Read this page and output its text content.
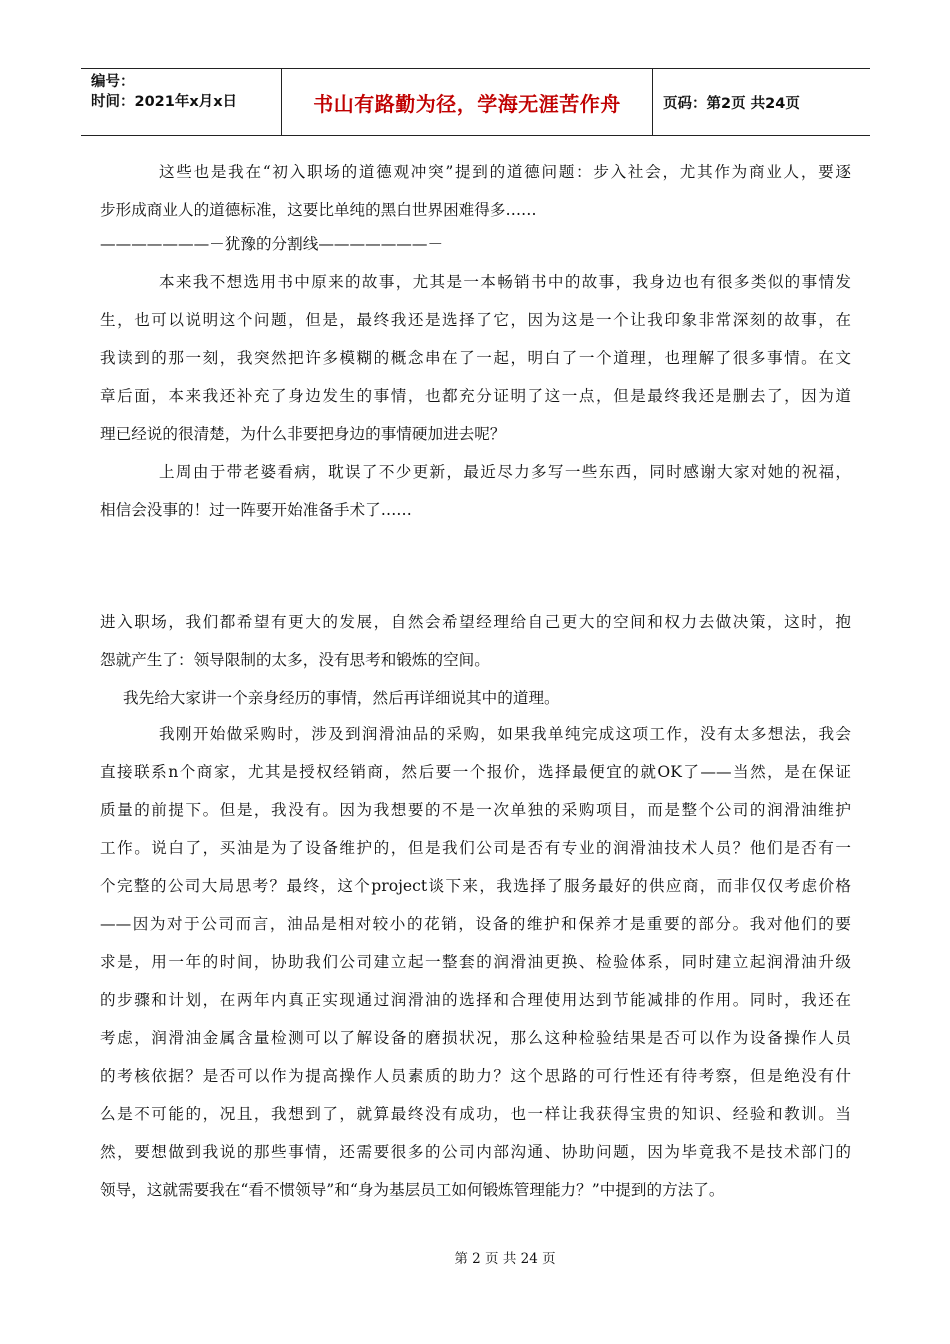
编号：
时间：2021年x月x日	书山有路勤为径，学海无涯苦作舟	页码：第2页 共24页
这些也是我在“初入职场的道德观冲突”提到的道德问题：步入社会，尤其作为商业人，要逐
步形成商业人的道德标准，这要比单纯的黑白世界困难得多……
———————－犹豫的分割线———————－
本来我不想选用书中原来的故事，尤其是一本畅销书中的故事，我身边也有很多类似的事情发
生，也可以说明这个问题，但是，最终我还是选择了它，因为这是一个让我印象非常深刻的故事，在
我读到的那一刻，我突然把许多模糊的概念串在了一起，明白了一个道理，也理解了很多事情。在文
章后面，本来我还补充了身边发生的事情，也都充分证明了这一点，但是最终我还是删去了，因为道
理已经说的很清楚，为什么非要把身边的事情硬加进去呢？
上周由于带老婆看病，耽误了不少更新，最近尽力多写一些东西，同时感谢大家对她的祝福，
相信会没事的！过一阵要开始准备手术了……
进入职场，我们都希望有更大的发展，自然会希望经理给自己更大的空间和权力去做决策，这时，抱
怨就产生了：领导限制的太多，没有思考和锻炼的空间。
我先给大家讲一个亲身经历的事情，然后再详细说其中的道理。
我刚开始做采购时，涉及到润滑油品的采购，如果我单纯完成这项工作，没有太多想法，我会
直接联系n个商家，尤其是授权经销商，然后要一个报价，选择最便宜的就OK了——当然，是在保证
质量的前提下。但是，我没有。因为我想要的不是一次单独的采购项目，而是整个公司的润滑油维护
工作。说白了，买油是为了设备维护的，但是我们公司是否有专业的润滑油技术人员？他们是否有一
个完整的公司大局思考？最终，这个project谈下来，我选择了服务最好的供应商，而非仅仅考虑价格
——因为对于公司而言，油品是相对较小的花销，设备的维护和保养才是重要的部分。我对他们的要
求是，用一年的时间，协助我们公司建立起一整套的润滑油更换、检验体系，同时建立起润滑油升级
的步骤和计划，在两年内真正实现通过润滑油的选择和合理使用达到节能减排的作用。同时，我还在
考虑，润滑油金属含量检测可以了解设备的磨损状况，那么这种检验结果是否可以作为设备操作人员
的考核依据？是否可以作为提高操作人员素质的助力？这个思路的可行性还有待考察，但是绝没有什
么是不可能的，况且，我想到了，就算最终没有成功，也一样让我获得宝贵的知识、经验和教训。当
然，要想做到我说的那些事情，还需要很多的公司内部沟通、协助问题，因为毕竟我不是技术部门的
领导，这就需要我在“看不惯领导”和“身为基层员工如何锻炼管理能力？”中提到的方法了。
第 2 页 共 24 页
